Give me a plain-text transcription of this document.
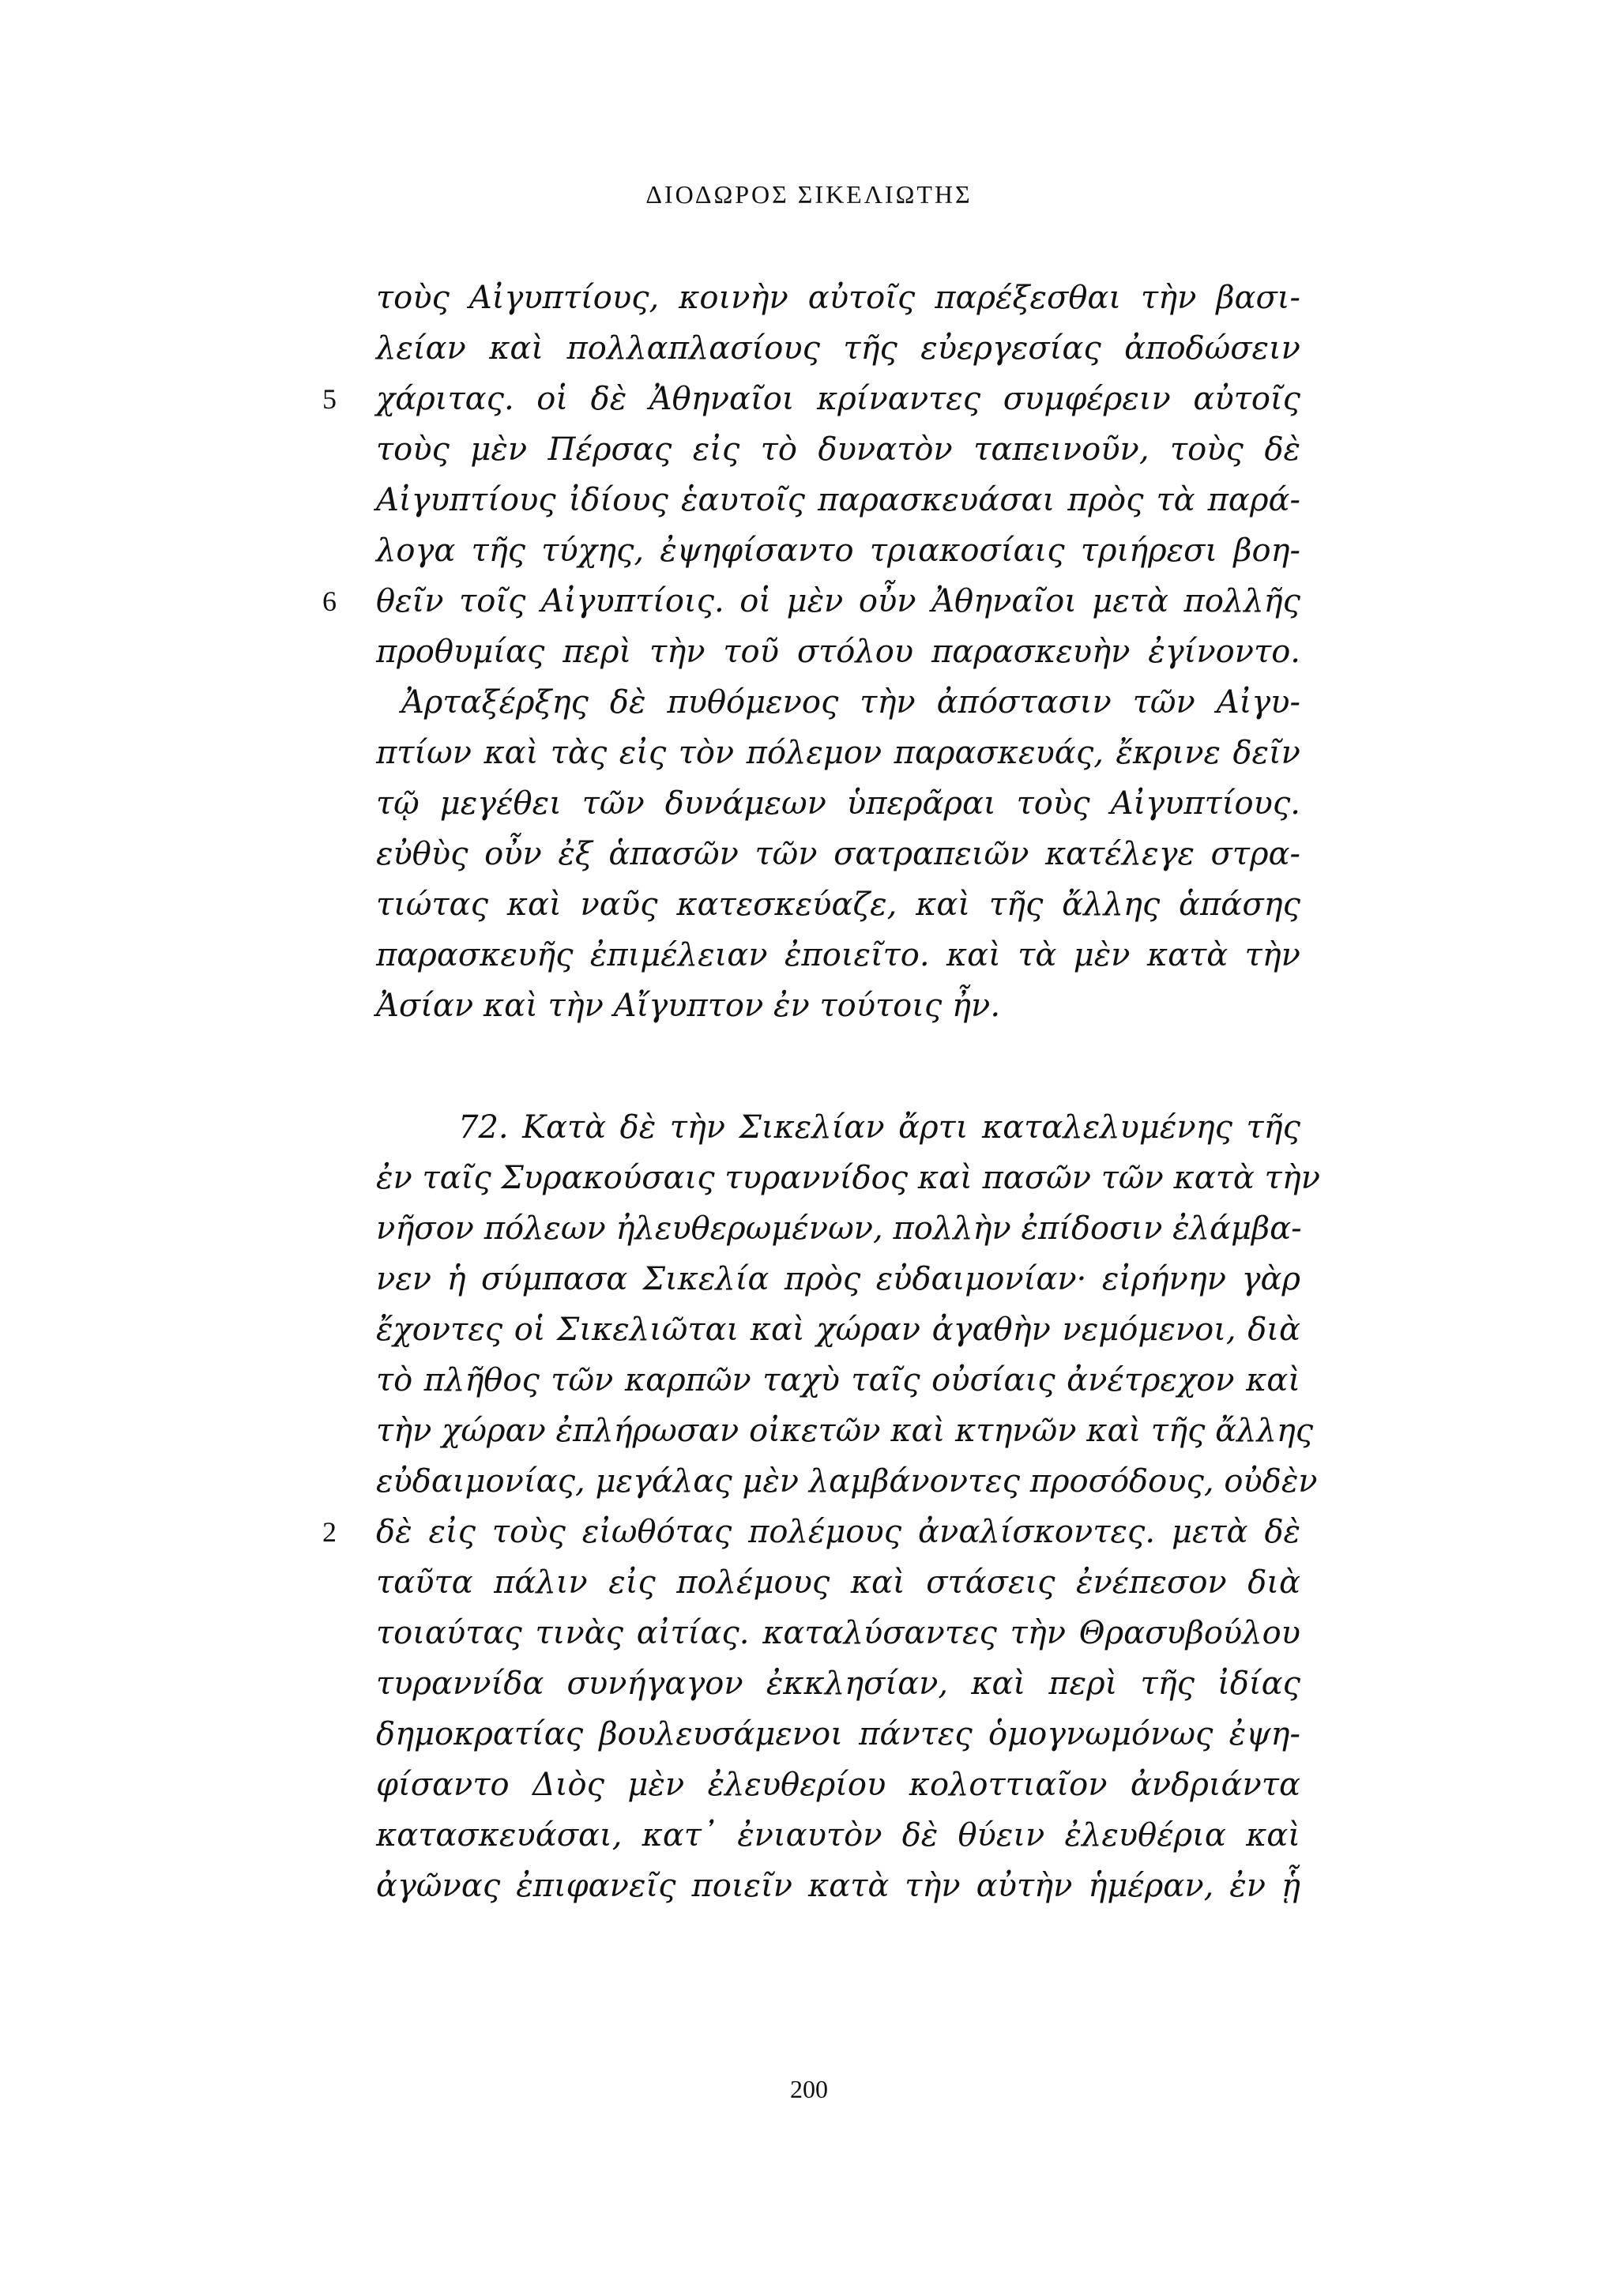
ΔΙΟΔΩΡΟΣ ΣΙΚΕΛΙΩΤΗΣ
τοὺς Αἰγυπτίους, κοινὴν αὐτοῖς παρέξεσθαι τὴν βασι-
λείαν καὶ πολλαπλασίους τῆς εὐεργεσίας ἀποδώσειν
5 χάριτας. οἱ δὲ Ἀθηναῖοι κρίναντες συμφέρειν αὐτοῖς
τοὺς μὲν Πέρσας εἰς τὸ δυνατὸν ταπεινοῦν, τοὺς δὲ
Αἰγυπτίους ἰδίους ἑαυτοῖς παρασκευάσαι πρὸς τὰ παρά-
λογα τῆς τύχης, ἐψηφίσαντο τριακοσίαις τριήρεσι βοη-
6 θεῖν τοῖς Αἰγυπτίοις. οἱ μὲν οὖν Ἀθηναῖοι μετὰ πολλῆς
προθυμίας περὶ τὴν τοῦ στόλου παρασκευὴν ἐγίνοντο.
Ἀρταξέρξης δὲ πυθόμενος τὴν ἀπόστασιν τῶν Αἰγυ-
πτίων καὶ τὰς εἰς τὸν πόλεμον παρασκευάς, ἔκρινε δεῖν
τῷ μεγέθει τῶν δυνάμεων ὑπερᾶραι τοὺς Αἰγυπτίους.
εὐθὺς οὖν ἐξ ἁπασῶν τῶν σατραπειῶν κατέλεγε στρα-
τιώτας καὶ ναῦς κατεσκεύαζε, καὶ τῆς ἄλλης ἁπάσης
παρασκευῆς ἐπιμέλειαν ἐποιεῖτο. καὶ τὰ μὲν κατὰ τὴν
Ἀσίαν καὶ τὴν Αἴγυπτον ἐν τούτοις ἦν.
72. Κατὰ δὲ τὴν Σικελίαν ἄρτι καταλελυμένης τῆς
ἐν ταῖς Συρακούσαις τυραννίδος καὶ πασῶν τῶν κατὰ τὴν
νῆσον πόλεων ἠλευθερωμένων, πολλὴν ἐπίδοσιν ἐλάμβα-
νεν ἡ σύμπασα Σικελία πρὸς εὐδαιμονίαν· εἰρήνην γὰρ
ἔχοντες οἱ Σικελιῶται καὶ χώραν ἀγαθὴν νεμόμενοι, διὰ
τὸ πλῆθος τῶν καρπῶν ταχὺ ταῖς οὐσίαις ἀνέτρεχον καὶ
τὴν χώραν ἐπλήρωσαν οἰκετῶν καὶ κτηνῶν καὶ τῆς ἄλλης
εὐδαιμονίας, μεγάλας μὲν λαμβάνοντες προσόδους, οὐδὲν
2 δὲ εἰς τοὺς εἰωθότας πολέμους ἀναλίσκοντες. μετὰ δὲ
ταῦτα πάλιν εἰς πολέμους καὶ στάσεις ἐνέπεσον διὰ
τοιαύτας τινὰς αἰτίας. καταλύσαντες τὴν Θρασυβούλου
τυραννίδα συνήγαγον ἐκκλησίαν, καὶ περὶ τῆς ἰδίας
δημοκρατίας βουλευσάμενοι πάντες ὁμογνωμόνως ἐψη-
φίσαντο Διὸς μὲν ἐλευθερίου κολοττιαῖον ἀνδριάντα
κατασκευάσαι, κατ᾽ ἐνιαυτὸν δὲ θύειν ἐλευθέρια καὶ
ἀγῶνας ἐπιφανεῖς ποιεῖν κατὰ τὴν αὐτὴν ἡμέραν, ἐν ᾗ
200
